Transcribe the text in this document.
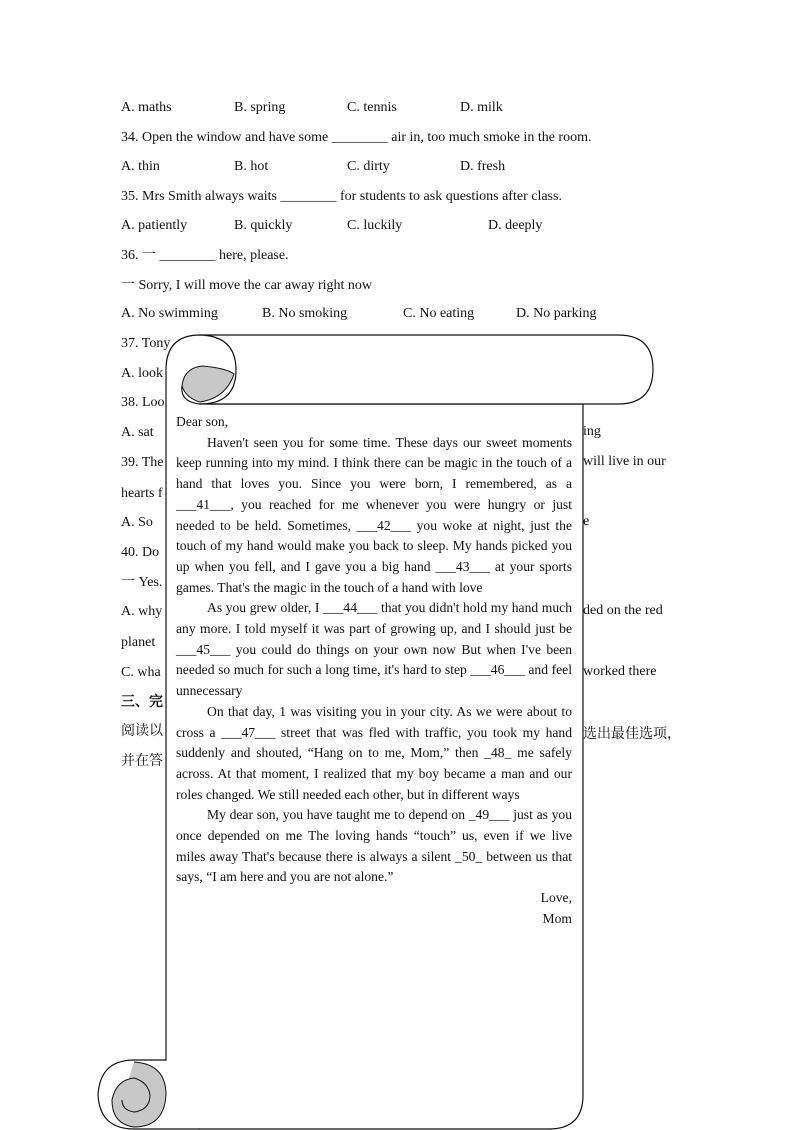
A. maths	B. spring	C. tennis	D. milk
34. Open the window and have some ________ air in, too much smoke in the room.
A. thin	B. hot	C. dirty	D. fresh
35. Mrs Smith always waits ________ for students to ask questions after class.
A. patiently	B. quickly	C. luckily	D. deeply
36. 一 ________ here, please.
一 Sorry, I will move the car away right now
A. No swimming	B. No smoking	C. No eating	D. No parking
37. Tony
A. look
38. Loo
A. sat	ing
39. The	will live in our
hearts f
A. So	e
40. Do
一 Yes.
A. why	ded on the red
planet
C. wha	worked there
三、完
阅读以	选出最佳选项，
并在答

Dear son,

Haven't seen you for some time. These days our sweet moments keep running into my mind. I think there can be magic in the touch of a hand that loves you. Since you were born, I remembered, as a ___41___, you reached for me whenever you were hungry or just needed to be held. Sometimes, ___42___ you woke at night, just the touch of my hand would make you back to sleep. My hands picked you up when you fell, and I gave you a big hand ___43___ at your sports games. That's the magic in the touch of a hand with love

As you grew older, I ___44___ that you didn't hold my hand much any more. I told myself it was part of growing up, and I should just be ___45___ you could do things on your own now But when I've been needed so much for such a long time, it's hard to step ___46___ and feel unnecessary

On that day, 1 was visiting you in your city. As we were about to cross a ___47___ street that was fled with traffic, you took my hand suddenly and shouted, “Hang on to me, Mom,” then _48_ me safely across. At that moment, I realized that my boy became a man and our roles changed. We still needed each other, but in different ways

My dear son, you have taught me to depend on _49___ just as you once depended on me The loving hands “touch” us, even if we live miles away That's because there is always a silent _50_ between us that says, “I am here and you are not alone.”

Love,

Mom
